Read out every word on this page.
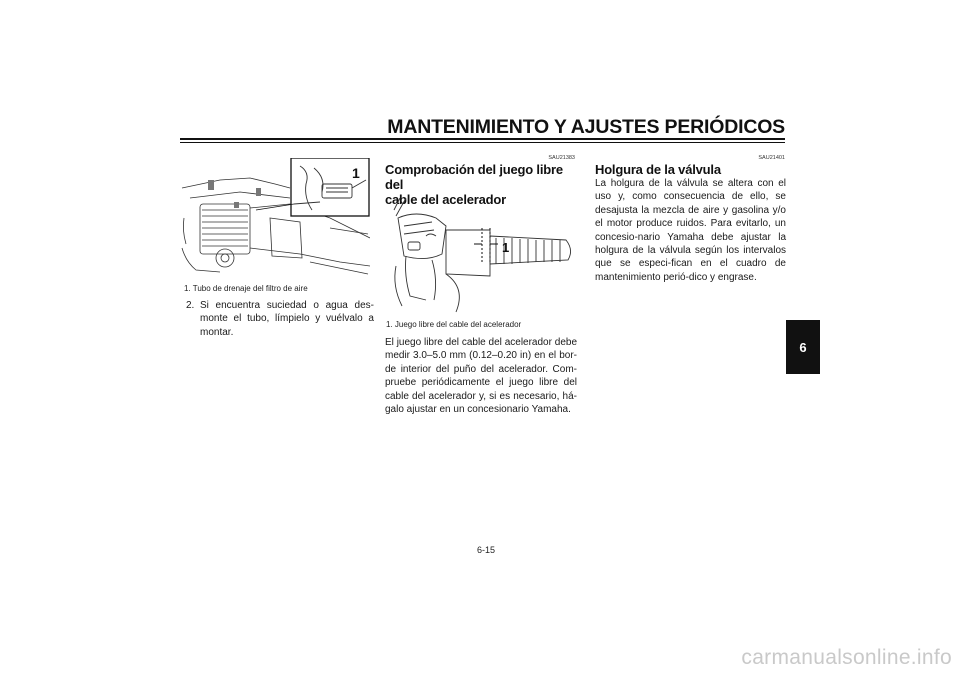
MANTENIMIENTO Y AJUSTES PERIÓDICOS
1
1. Tubo de drenaje del filtro de aire
2. Si encuentra suciedad o agua des-monte el tubo, límpielo y vuélvalo a montar.
SAU21383
Comprobación del juego libre del
cable del acelerador
1
1. Juego libre del cable del acelerador
El juego libre del cable del acelerador debe medir 3.0–5.0 mm (0.12–0.20 in) en el bor-de interior del puño del acelerador. Com-pruebe periódicamente el juego libre del cable del acelerador y, si es necesario, há-galo ajustar en un concesionario Yamaha.
SAU21401
Holgura de la válvula
La holgura de la válvula se altera con el uso y, como consecuencia de ello, se desajusta la mezcla de aire y gasolina y/o el motor produce ruidos. Para evitarlo, un concesio-nario Yamaha debe ajustar la holgura de la válvula según los intervalos que se especi-fican en el cuadro de mantenimiento perió-dico y engrase.
6
6-15
carmanualsonline.info
